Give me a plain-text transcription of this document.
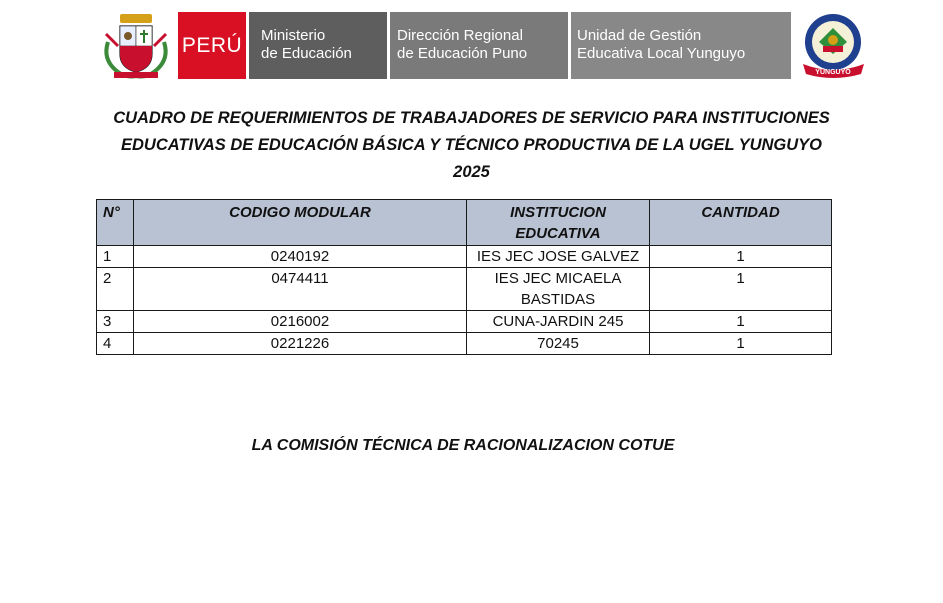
PERÚ Ministerio
de Educación
Dirección Regional
de Educación Puno
Unidad de Gestión
Educativa Local Yunguyo
YUNGUYO
CUADRO DE REQUERIMIENTOS DE TRABAJADORES DE SERVICIO PARA INSTITUCIONES
EDUCATIVAS DE EDUCACIÓN BÁSICA Y TÉCNICO PRODUCTIVA DE LA UGEL YUNGUYO
2025
N°	CODIGO MODULAR	INSTITUCION EDUCATIVA	CANTIDAD
1	0240192	IES JEC JOSE GALVEZ	1
2	0474411	IES JEC MICAELA BASTIDAS	1
3	0216002	CUNA-JARDIN 245	1
4	0221226	70245	1
LA COMISIÓN TÉCNICA DE RACIONALIZACION COTUE
